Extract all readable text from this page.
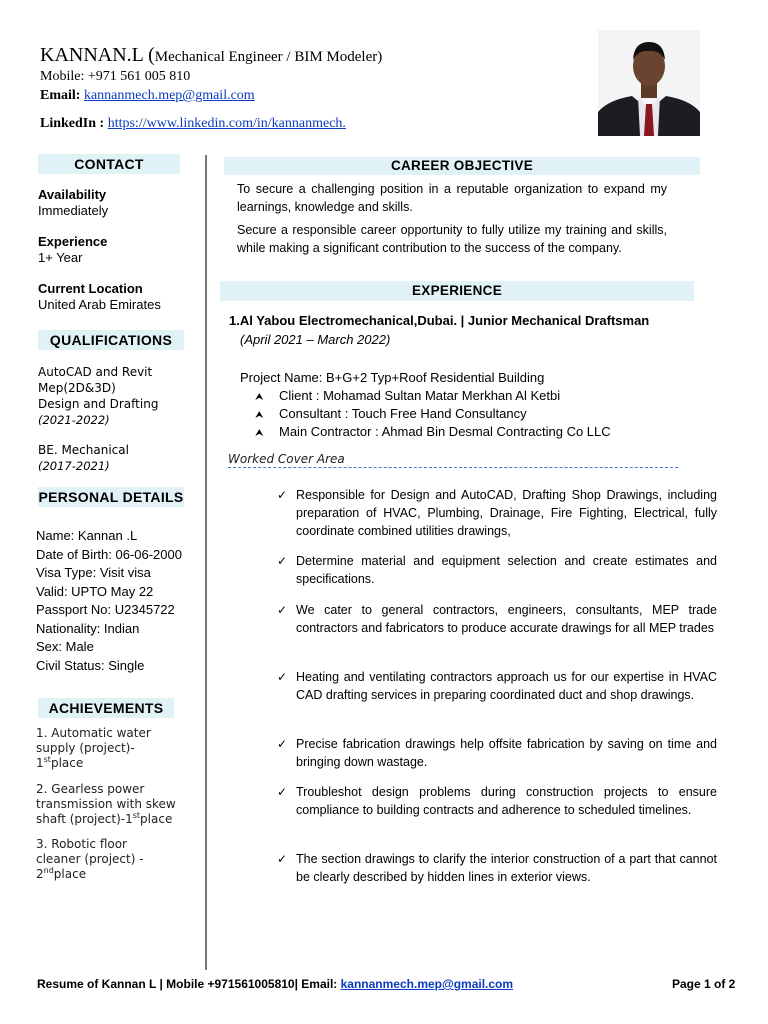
KANNAN.L (Mechanical Engineer / BIM Modeler)
Mobile: +971 561 005 810
Email: kannanmech.mep@gmail.com
LinkedIn : https://www.linkedin.com/in/kannanmech.
CONTACT
Availability
Immediately
Experience
1+ Year
Current Location
United Arab Emirates
QUALIFICATIONS
AutoCAD and Revit
Mep(2D&3D)
Design and Drafting
(2021-2022)
BE. Mechanical
(2017-2021)
PERSONAL DETAILS
Name: Kannan .L
Date of Birth: 06-06-2000
Visa Type: Visit visa
Valid: UPTO May 22
Passport No: U2345722
Nationality: Indian
Sex: Male
Civil Status: Single
ACHIEVEMENTS
1. Automatic water
supply (project)-
1stplace
2. Gearless power
transmission with skew
shaft (project)-1stplace
3. Robotic floor
cleaner (project) -
2ndplace
CAREER OBJECTIVE
To secure a challenging position in a reputable organization to expand my learnings, knowledge and skills.
Secure a responsible career opportunity to fully utilize my training and skills, while making a significant contribution to the success of the company.
EXPERIENCE
1.Al Yabou Electromechanical,Dubai. | Junior Mechanical Draftsman
(April 2021 – March 2022)
Project Name: B+G+2 Typ+Roof Residential Building
⮝ Client : Mohamad Sultan Matar Merkhan Al Ketbi
⮝ Consultant : Touch Free Hand Consultancy
⮝ Main Contractor : Ahmad Bin Desmal Contracting Co LLC
Worked Cover Area
✓ Responsible for Design and AutoCAD, Drafting Shop Drawings, including preparation of HVAC, Plumbing, Drainage, Fire Fighting, Electrical, fully coordinate combined utilities drawings,
✓ Determine material and equipment selection and create estimates and specifications.
✓ We cater to general contractors, engineers, consultants, MEP trade contractors and fabricators to produce accurate drawings for all MEP trades
✓ Heating and ventilating contractors approach us for our expertise in HVAC CAD drafting services in preparing coordinated duct and shop drawings.
✓ Precise fabrication drawings help offsite fabrication by saving on time and bringing down wastage.
✓ Troubleshot design problems during construction projects to ensure compliance to building contracts and adherence to scheduled timelines.
✓ The section drawings to clarify the interior construction of a part that cannot be clearly described by hidden lines in exterior views.
Resume of Kannan L | Mobile +971561005810| Email: kannanmech.mep@gmail.com	Page 1 of 2
